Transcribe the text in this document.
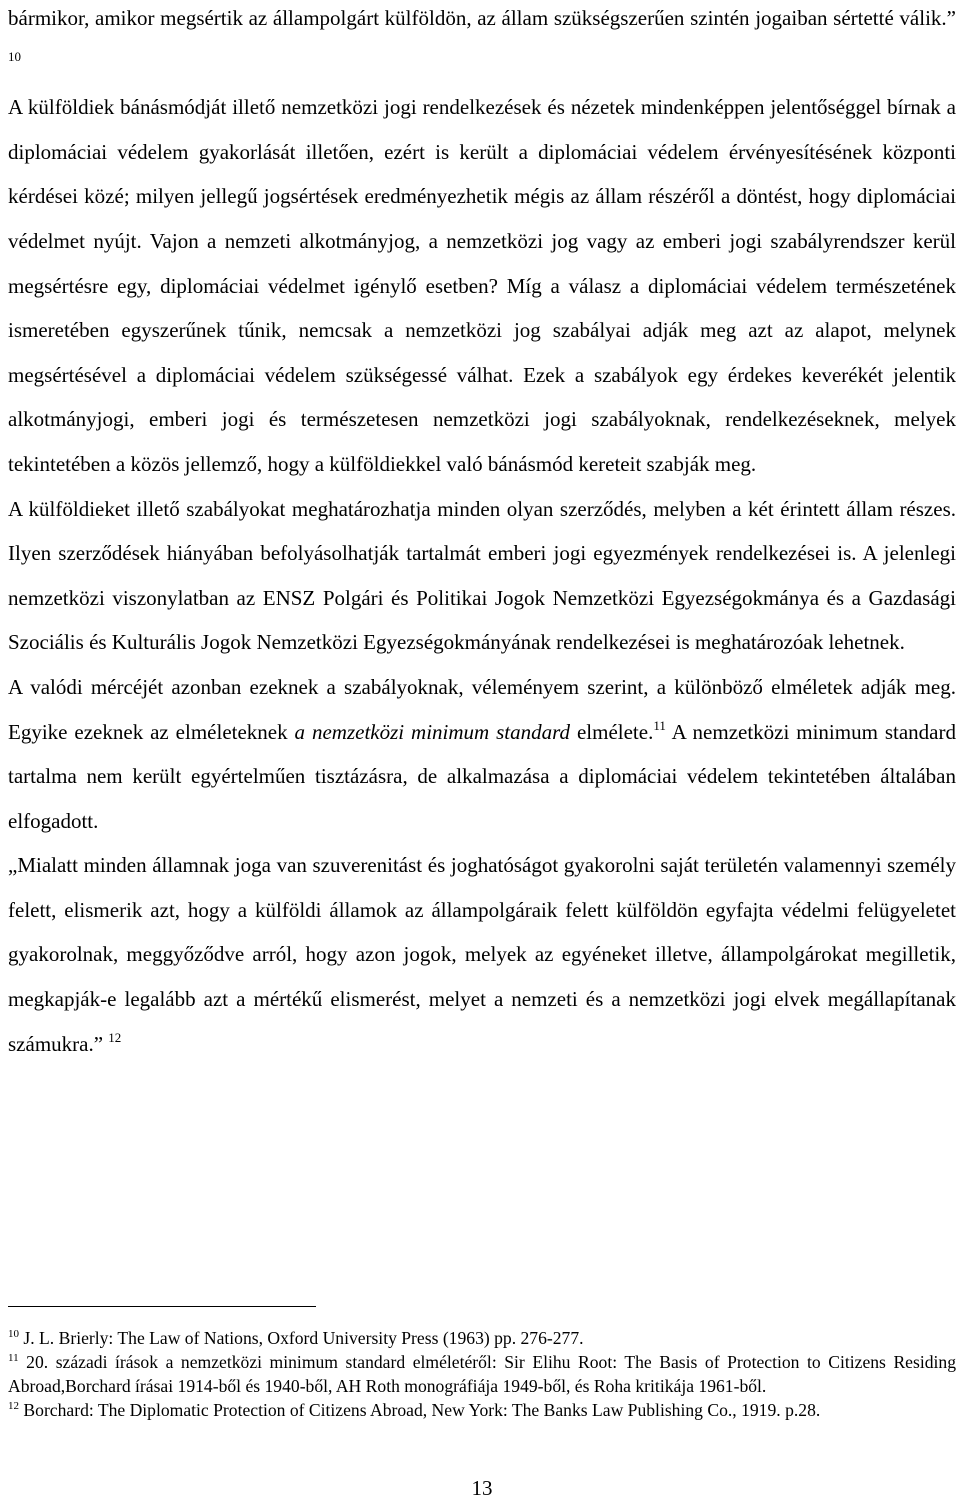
bármikor, amikor megsértik az állampolgárt külföldön, az állam szükségszerűen szintén jogaiban sértetté válik.” $^{10}$

A külföldiek bánásmódját illető nemzetközi jogi rendelkezések és nézetek mindenképpen jelentőséggel bírnak a diplomáciai védelem gyakorlását illetően, ezért is került a diplomáciai védelem érvényesítésének központi kérdései közé; milyen jellegű jogsértések eredményezhetik mégis az állam részéről a döntést, hogy diplomáciai védelmet nyújt. Vajon a nemzeti alkotmányjog, a nemzetközi jog vagy az emberi jogi szabályrendszer kerül megsértésre egy, diplomáciai védelmet igénylő esetben? Míg a válasz a diplomáciai védelem természetének ismeretében egyszerűnek tűnik, nemcsak a nemzetközi jog szabályai adják meg azt az alapot, melynek megsértésével a diplomáciai védelem szükségessé válhat. Ezek a szabályok egy érdekes keverékét jelentik alkotmányjogi, emberi jogi és természetesen nemzetközi jogi szabályoknak, rendelkezéseknek, melyek tekintetében a közös jellemző, hogy a külföldiekkel való bánásmód kereteit szabják meg.

A külföldieket illető szabályokat meghatározhatja minden olyan szerződés, melyben a két érintett állam részes. Ilyen szerződések hiányában befolyásolhatják tartalmát emberi jogi egyezmények rendelkezései is. A jelenlegi nemzetközi viszonylatban az ENSZ Polgári és Politikai Jogok Nemzetközi Egyezségokmánya és a Gazdasági Szociális és Kulturális Jogok Nemzetközi Egyezségokmányának rendelkezései is meghatározóak lehetnek.

A valódi mércéjét azonban ezeknek a szabályoknak, véleményem szerint, a különböző elméletek adják meg. Egyike ezeknek az elméleteknek a nemzetközi minimum standard elmélete.$^{11}$ A nemzetközi minimum standard tartalma nem került egyértelműen tisztázásra, de alkalmazása a diplomáciai védelem tekintetében általában elfogadott.

„Mialatt minden államnak joga van szuverenitást és joghatóságot gyakorolni saját területén valamennyi személy felett, elismerik azt, hogy a külföldi államok az állampolgáraik felett külföldön egyfajta védelmi felügyeletet gyakorolnak, meggyőződve arról, hogy azon jogok, melyek az egyéneket illetve, állampolgárokat megilletik, megkapják-e legalább azt a mértékű elismerést, melyet a nemzeti és a nemzetközi jogi elvek megállapítanak számukra.” $^{12}$

$^{10}$ J. L. Brierly: The Law of Nations, Oxford University Press (1963) pp. 276-277.

$^{11}$ 20. századi írások a nemzetközi minimum standard elméletéről: Sir Elihu Root: The Basis of Protection to Citizens Residing Abroad,Borchard írásai 1914-ből és 1940-ből, AH Roth monográfiája 1949-ből, és Roha kritikája 1961-ből.

$^{12}$ Borchard: The Diplomatic Protection of Citizens Abroad, New York: The Banks Law Publishing Co., 1919. p.28.

13
